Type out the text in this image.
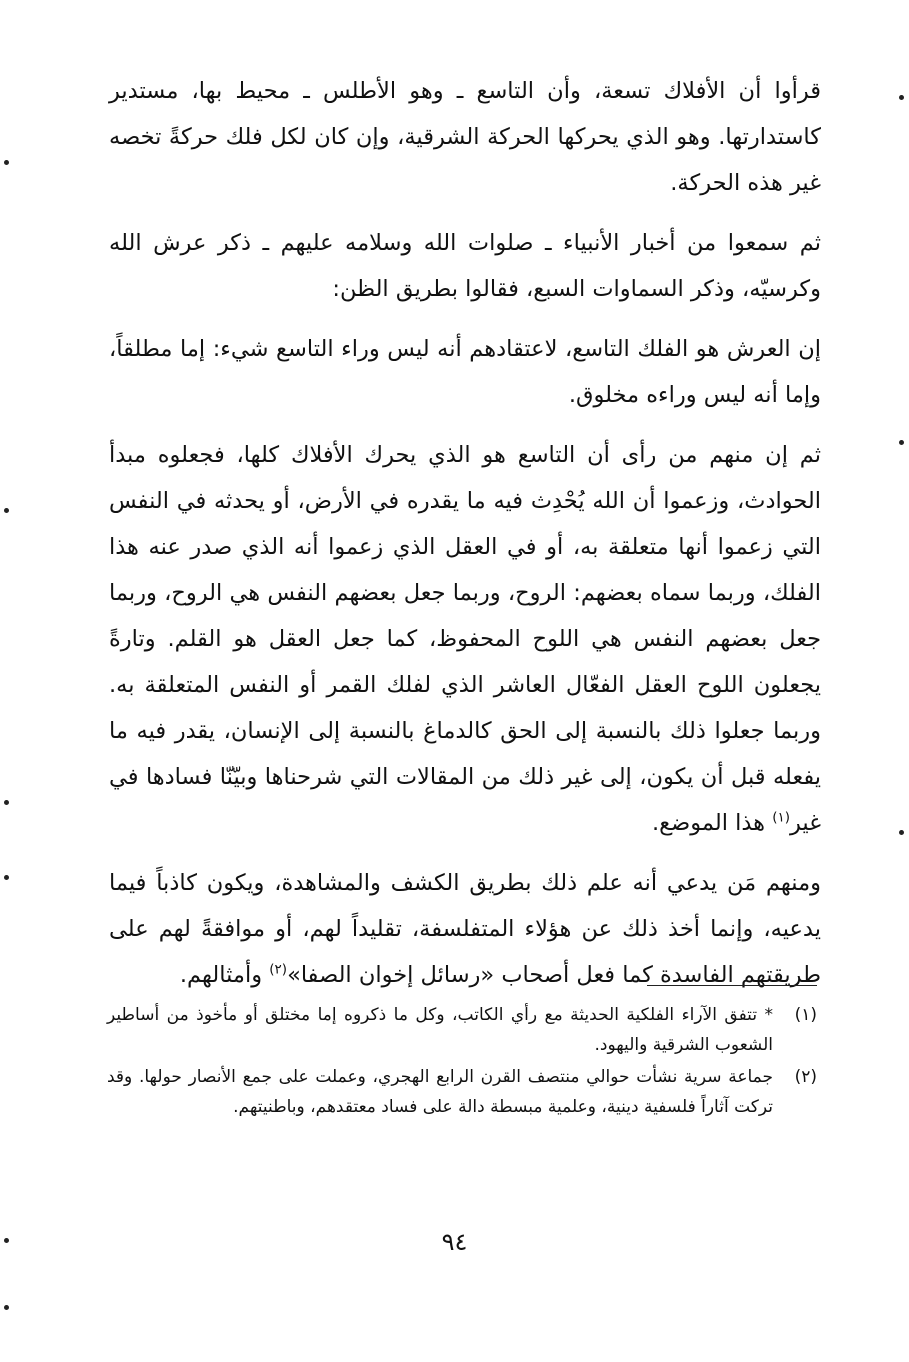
قرأوا أن الأفلاك تسعة، وأن التاسع ـ وهو الأطلس ـ محيط بها، مستدير كاستدارتها. وهو الذي يحركها الحركة الشرقية، وإن كان لكل فلك حركةً تخصه غير هذه الحركة.

ثم سمعوا من أخبار الأنبياء ـ صلوات الله وسلامه عليهم ـ ذكر عرش الله وكرسيّه، وذكر السماوات السبع، فقالوا بطريق الظن:

إن العرش هو الفلك التاسع، لاعتقادهم أنه ليس وراء التاسع شيء: إما مطلقاً، وإما أنه ليس وراءه مخلوق.

ثم إن منهم من رأى أن التاسع هو الذي يحرك الأفلاك كلها، فجعلوه مبدأ الحوادث، وزعموا أن الله يُحْدِث فيه ما يقدره في الأرض، أو يحدثه في النفس التي زعموا أنها متعلقة به، أو في العقل الذي زعموا أنه الذي صدر عنه هذا الفلك، وربما سماه بعضهم: الروح، وربما جعل بعضهم النفس هي الروح، وربما جعل بعضهم النفس هي اللوح المحفوظ، كما جعل العقل هو القلم. وتارةً يجعلون اللوح العقل الفعّال العاشر الذي لفلك القمر أو النفس المتعلقة به. وربما جعلوا ذلك بالنسبة إلى الحق كالدماغ بالنسبة إلى الإنسان، يقدر فيه ما يفعله قبل أن يكون، إلى غير ذلك من المقالات التي شرحناها وبيّنّا فسادها في غير$^{(١)}$ هذا الموضع.

ومنهم مَن يدعي أنه علم ذلك بطريق الكشف والمشاهدة، ويكون كاذباً فيما يدعيه، وإنما أخذ ذلك عن هؤلاء المتفلسفة، تقليداً لهم، أو موافقةً لهم على طريقتهم الفاسدة كما فعل أصحاب «رسائل إخوان الصفا»$^{(٢)}$ وأمثالهم.

(١)
* تتفق الآراء الفلكية الحديثة مع رأي الكاتب، وكل ما ذكروه إما مختلق أو مأخوذ من أساطير الشعوب الشرقية واليهود.
(٢)
جماعة سرية نشأت حوالي منتصف القرن الرابع الهجري، وعملت على جمع الأنصار حولها. وقد تركت آثاراً فلسفية دينية، وعلمية مبسطة دالة على فساد معتقدهم، وباطنيتهم.
٩٤
